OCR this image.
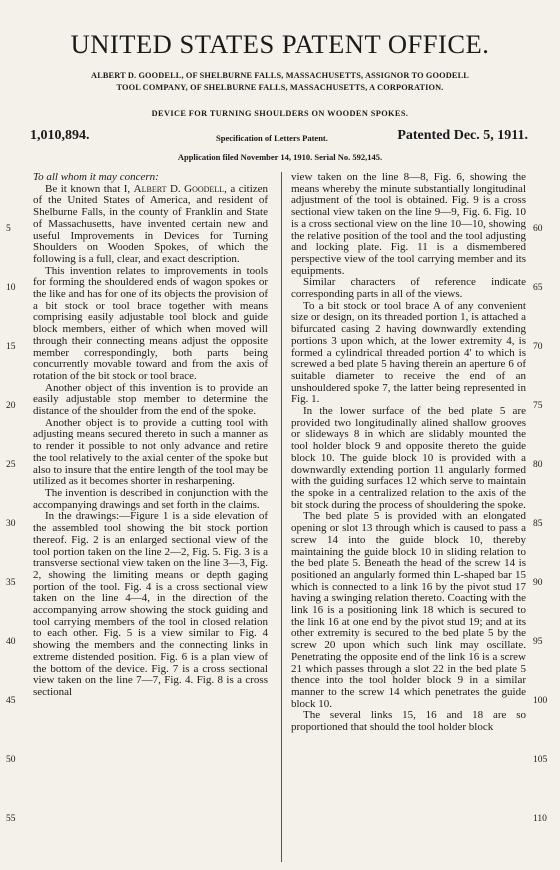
UNITED STATES PATENT OFFICE.
ALBERT D. GOODELL, OF SHELBURNE FALLS, MASSACHUSETTS, ASSIGNOR TO GOODELL
TOOL COMPANY, OF SHELBURNE FALLS, MASSACHUSETTS, A CORPORATION.
DEVICE FOR TURNING SHOULDERS ON WOODEN SPOKES.
1,010,894.	Specification of Letters Patent.	Patented Dec. 5, 1911.
Application filed November 14, 1910. Serial No. 592,145.

To all whom it may concern:

Be it known that I, Albert D. Goodell, a citizen of the United States of America, and resident of Shelburne Falls, in the county of Franklin and State of Massachusetts, have invented certain new and useful Improvements in Devices for Turning Shoulders on Wooden Spokes, of which the following is a full, clear, and exact description.

This invention relates to improvements in tools for forming the shouldered ends of wagon spokes or the like and has for one of its objects the provision of a bit stock or tool brace together with means comprising easily adjustable tool block and guide block members, either of which when moved will through their connecting means adjust the opposite member correspondingly, both parts being concurrently movable toward and from the axis of rotation of the bit stock or tool brace.

Another object of this invention is to provide an easily adjustable stop member to determine the distance of the shoulder from the end of the spoke.

Another object is to provide a cutting tool with adjusting means secured thereto in such a manner as to render it possible to not only advance and retire the tool relatively to the axial center of the spoke but also to insure that the entire length of the tool may be utilized as it becomes shorter in resharpening.

The invention is described in conjunction with the accompanying drawings and set forth in the claims.

In the drawings:—Figure 1 is a side elevation of the assembled tool showing the bit stock portion thereof. Fig. 2 is an enlarged sectional view of the tool portion taken on the line 2—2, Fig. 5. Fig. 3 is a transverse sectional view taken on the line 3—3, Fig. 2, showing the limiting means or depth gaging portion of the tool. Fig. 4 is a cross sectional view taken on the line 4—4, in the direction of the accompanying arrow showing the stock guiding and tool carrying members of the tool in closed relation to each other. Fig. 5 is a view similar to Fig. 4 showing the members and the connecting links in extreme distended position. Fig. 6 is a plan view of the bottom of the device. Fig. 7 is a cross sectional view taken on the line 7—7, Fig. 4. Fig. 8 is a cross sectional

view taken on the line 8—8, Fig. 6, showing the means whereby the minute substantially longitudinal adjustment of the tool is obtained. Fig. 9 is a cross sectional view taken on the line 9—9, Fig. 6. Fig. 10 is a cross sectional view on the line 10—10, showing the relative position of the tool and the tool adjusting and locking plate. Fig. 11 is a dismembered perspective view of the tool carrying member and its equipments.

Similar characters of reference indicate corresponding parts in all of the views.

To a bit stock or tool brace A of any convenient size or design, on its threaded portion 1, is attached a bifurcated casing 2 having downwardly extending portions 3 upon which, at the lower extremity 4, is formed a cylindrical threaded portion 4' to which is screwed a bed plate 5 having therein an aperture 6 of suitable diameter to receive the end of an unshouldered spoke 7, the latter being represented in Fig. 1.

In the lower surface of the bed plate 5 are provided two longitudinally alined shallow grooves or slideways 8 in which are slidably mounted the tool holder block 9 and opposite thereto the guide block 10. The guide block 10 is provided with a downwardly extending portion 11 angularly formed with the guiding surfaces 12 which serve to maintain the spoke in a centralized relation to the axis of the bit stock during the process of shouldering the spoke.

The bed plate 5 is provided with an elongated opening or slot 13 through which is caused to pass a screw 14 into the guide block 10, thereby maintaining the guide block 10 in sliding relation to the bed plate 5. Beneath the head of the screw 14 is positioned an angularly formed thin L-shaped bar 15 which is connected to a link 16 by the pivot stud 17 having a swinging relation thereto. Coacting with the link 16 is a positioning link 18 which is secured to the link 16 at one end by the pivot stud 19; and at its other extremity is secured to the bed plate 5 by the screw 20 upon which such link may oscillate. Penetrating the opposite end of the link 16 is a screw 21 which passes through a slot 22 in the bed plate 5 thence into the tool holder block 9 in a similar manner to the screw 14 which penetrates the guide block 10.

The several links 15, 16 and 18 are so proportioned that should the tool holder block

5
10
15
20
25
30
35
40
45
50
55
60
65
70
75
80
85
90
95
100
105
110
